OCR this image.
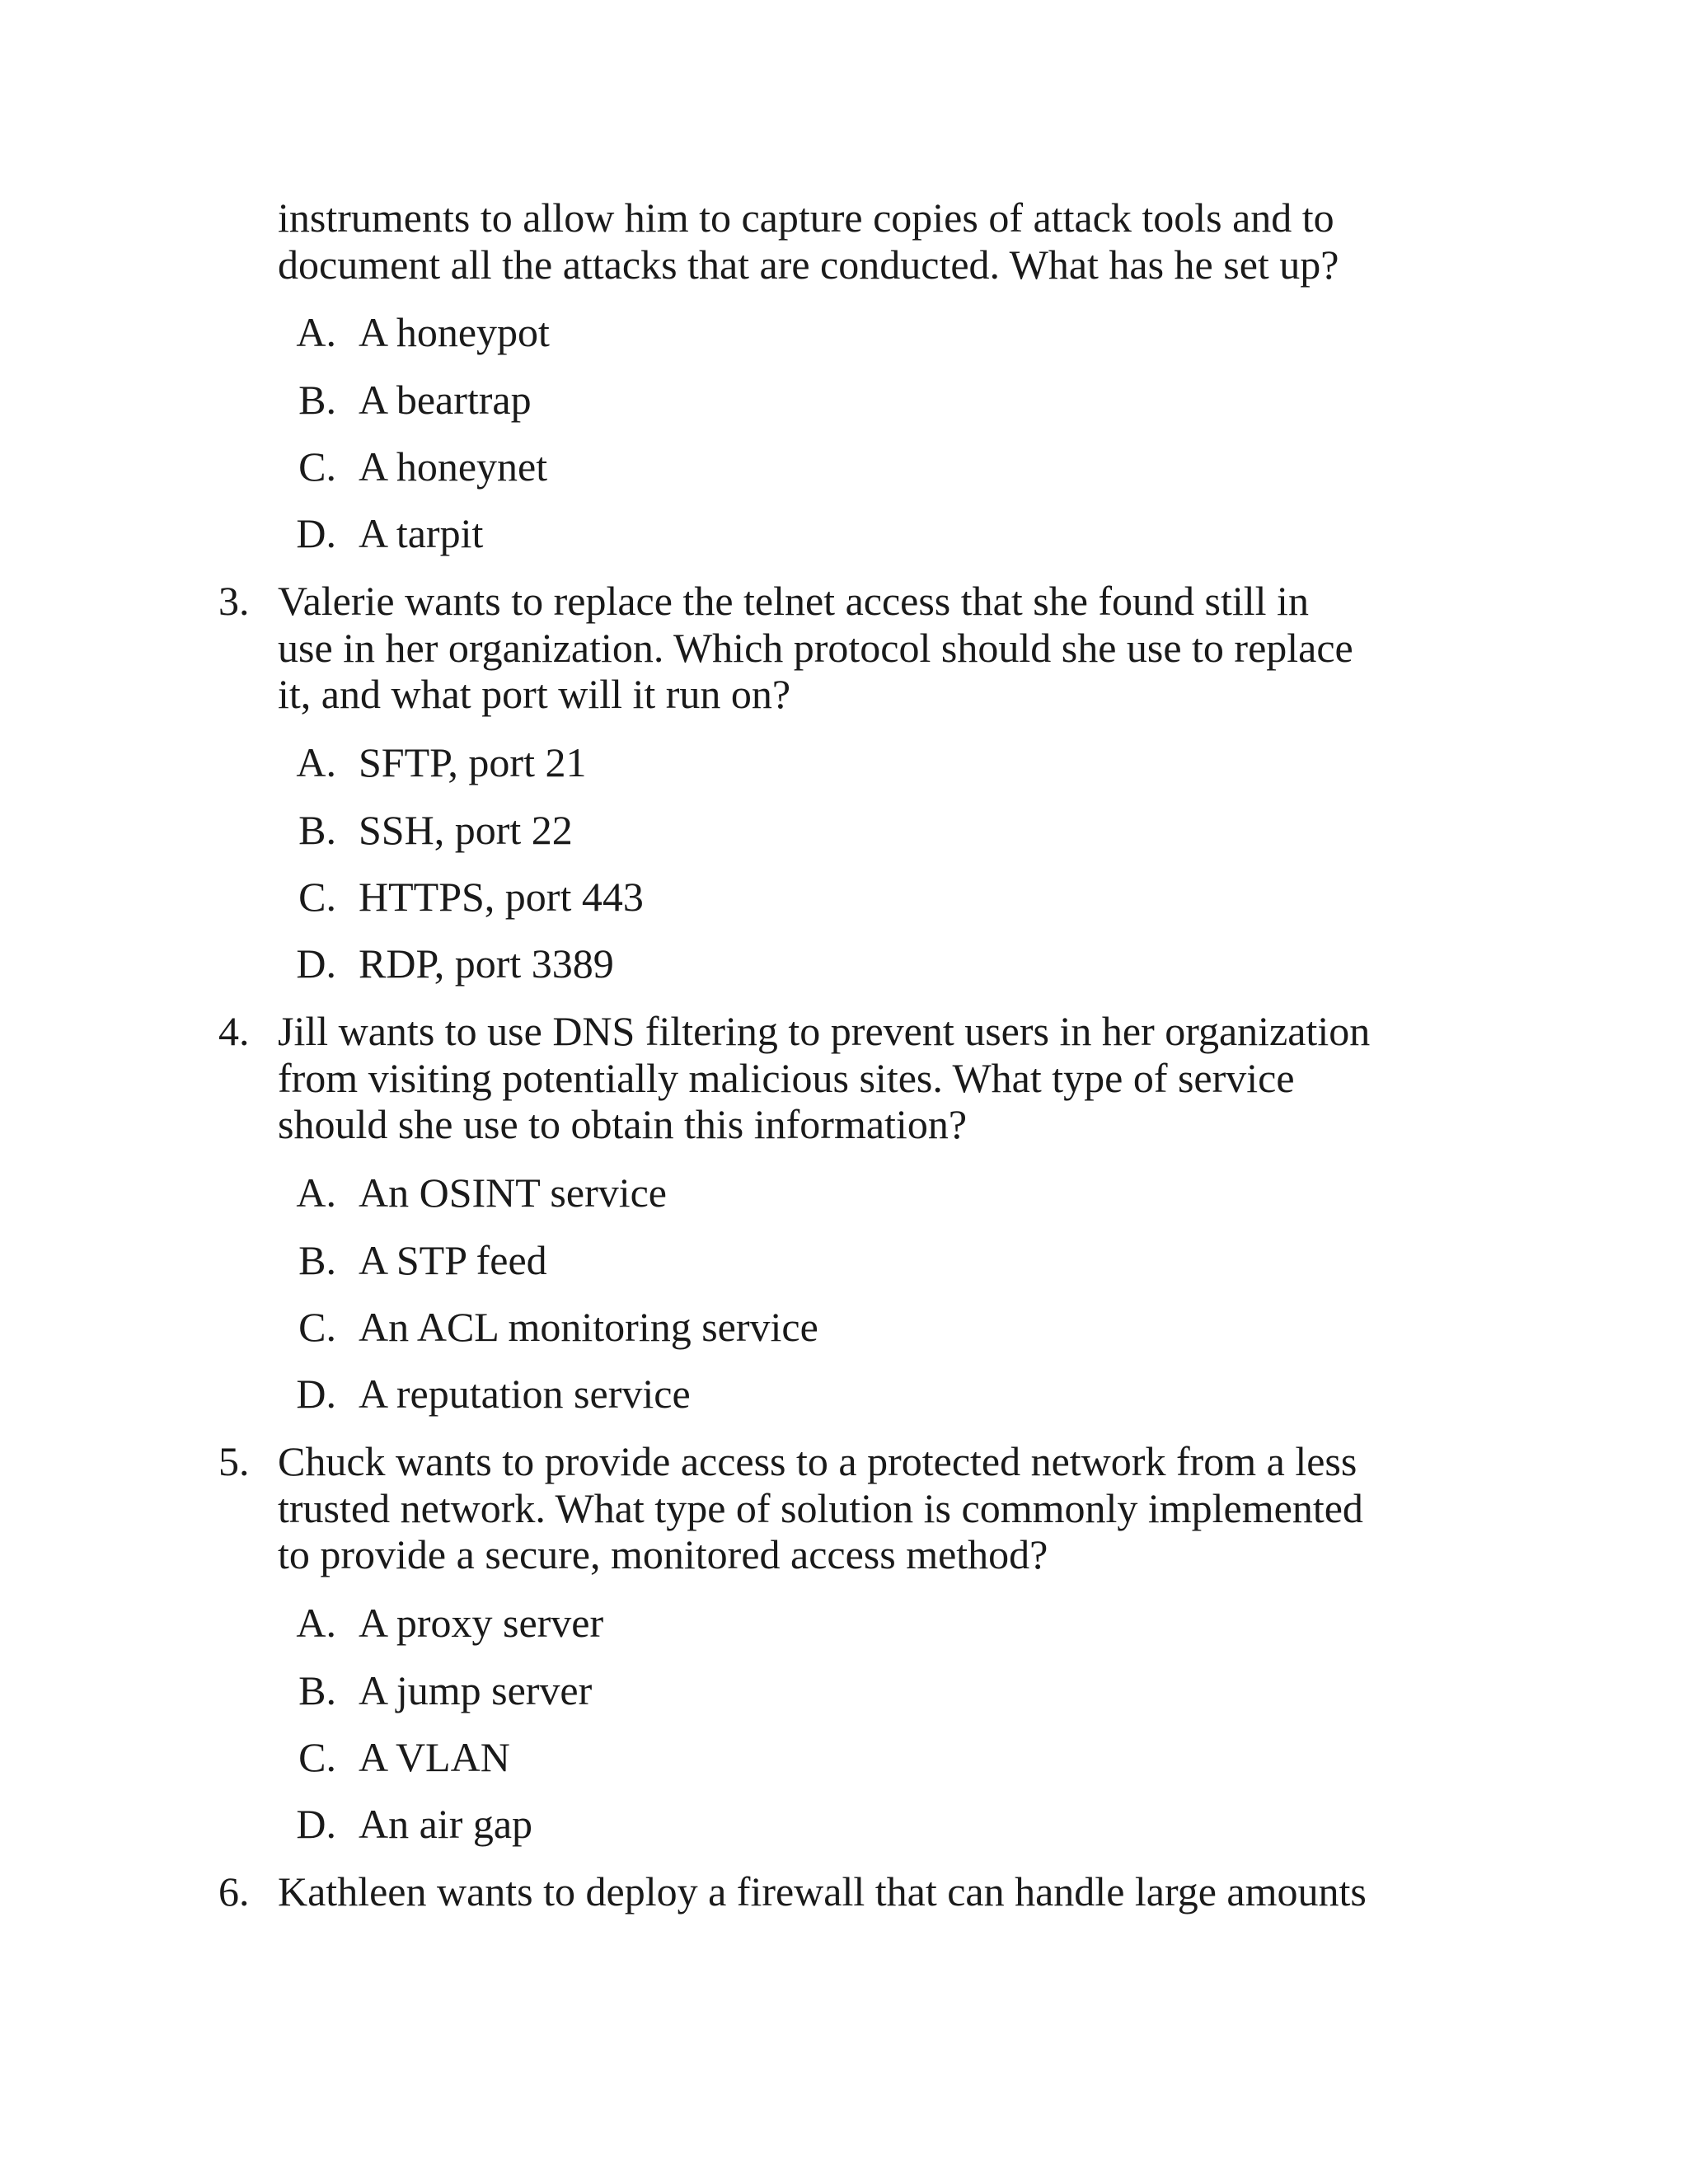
instruments to allow him to capture copies of attack tools and to
document all the attacks that are conducted. What has he set up?
A. A honeypot
B. A beartrap
C. A honeynet
D. A tarpit
3. Valerie wants to replace the telnet access that she found still in
use in her organization. Which protocol should she use to replace
it, and what port will it run on?
A. SFTP, port 21
B. SSH, port 22
C. HTTPS, port 443
D. RDP, port 3389
4. Jill wants to use DNS filtering to prevent users in her organization
from visiting potentially malicious sites. What type of service
should she use to obtain this information?
A. An OSINT service
B. A STP feed
C. An ACL monitoring service
D. A reputation service
5. Chuck wants to provide access to a protected network from a less
trusted network. What type of solution is commonly implemented
to provide a secure, monitored access method?
A. A proxy server
B. A jump server
C. A VLAN
D. An air gap
6. Kathleen wants to deploy a firewall that can handle large amounts
